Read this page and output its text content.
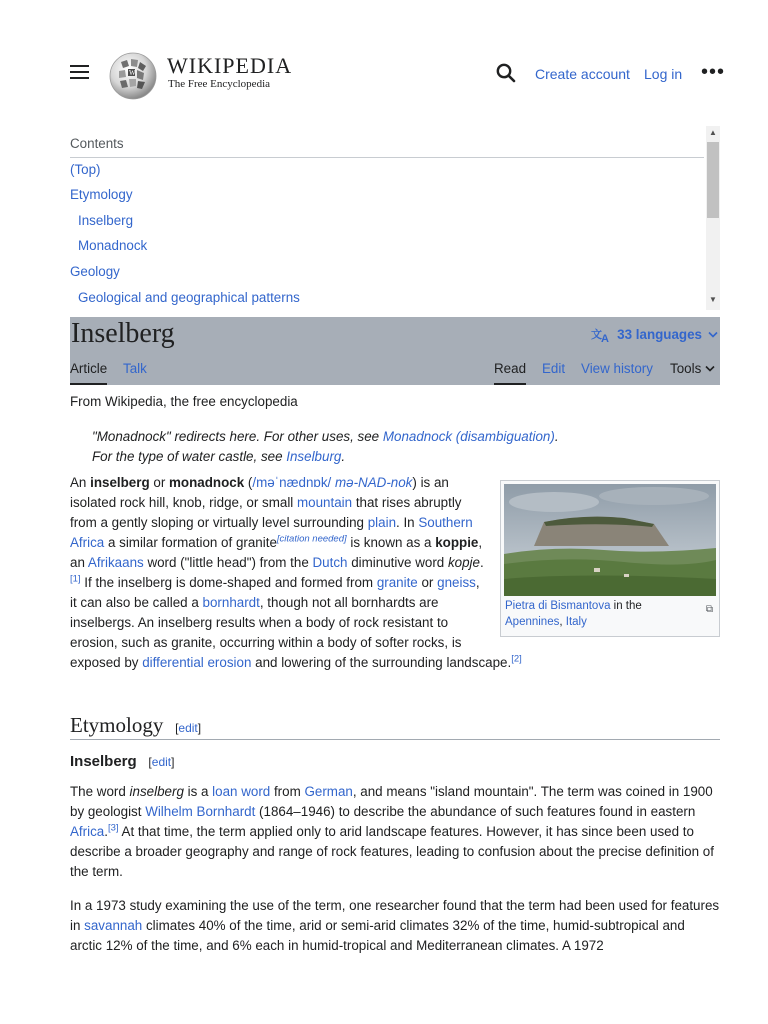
W WIKIPEDIA
The Free Encyclopedia
Create account Log in •••
Contents
(Top)
Etymology
Inselberg
Monadnock
Geology
Geological and geographical patterns
▲
▼
Inselberg	文 A 33 languages
Article Talk	Read Edit View history Tools
From Wikipedia, the free encyclopedia
"Monadnock" redirects here. For other uses, see Monadnock (disambiguation).
For the type of water castle, see Inselburg.
Pietra di Bismantova in the
Apennines, Italy
⧉

An inselberg or monadnock (/məˈnædnɒk/ mə-NAD-nok) is an isolated rock hill, knob, ridge, or small mountain that rises abruptly from a gently sloping or virtually level surrounding plain. In Southern Africa a similar formation of granite[citation needed] is known as a koppie, an Afrikaans word ("little head") from the Dutch diminutive word kopje.[1] If the inselberg is dome-shaped and formed from granite or gneiss, it can also be called a bornhardt, though not all bornhardts are inselbergs. An inselberg results when a body of rock resistant to erosion, such as granite, occurring within a body of softer rocks, is exposed by differential erosion and lowering of the surrounding landscape.[2]

Etymology [edit]
Inselberg [edit]

The word inselberg is a loan word from German, and means "island mountain". The term was coined in 1900 by geologist Wilhelm Bornhardt (1864–1946) to describe the abundance of such features found in eastern Africa.[3] At that time, the term applied only to arid landscape features. However, it has since been used to describe a broader geography and range of rock features, leading to confusion about the precise definition of the term.

In a 1973 study examining the use of the term, one researcher found that the term had been used for features in savannah climates 40% of the time, arid or semi-arid climates 32% of the time, humid-subtropical and arctic 12% of the time, and 6% each in humid-tropical and Mediterranean climates. A 1972
